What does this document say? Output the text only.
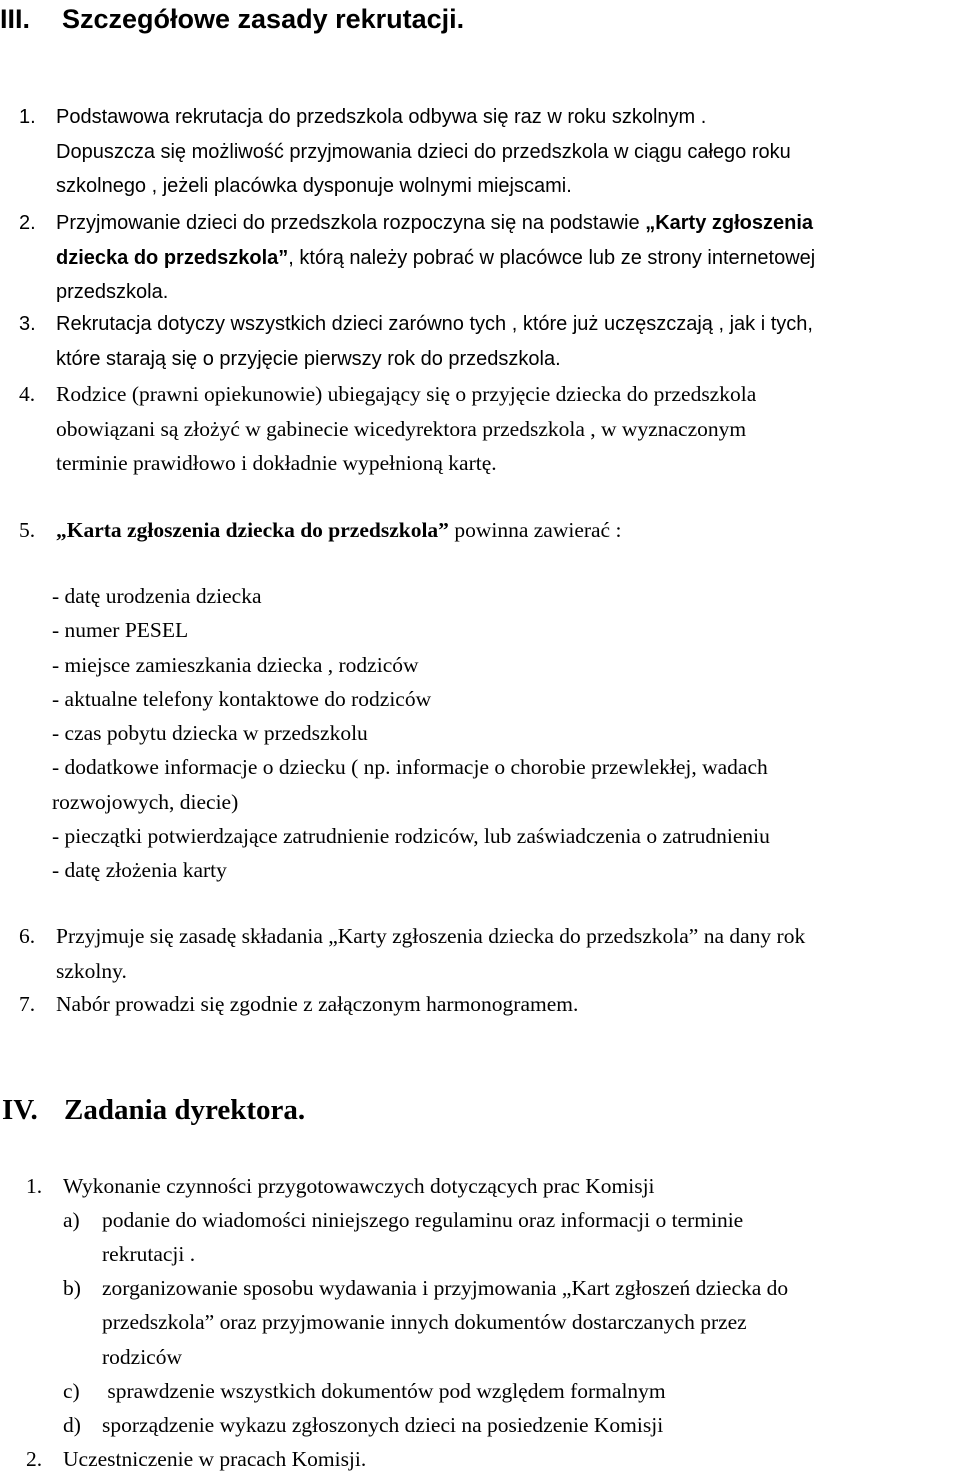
III. Szczegółowe zasady rekrutacji.
1.	Podstawowa rekrutacja do przedszkola odbywa się raz w roku szkolnym .
Dopuszcza się możliwość przyjmowania dzieci do przedszkola w ciągu całego roku
szkolnego , jeżeli placówka dysponuje wolnymi miejscami.
2.	Przyjmowanie dzieci do przedszkola rozpoczyna się na podstawie „Karty zgłoszenia
dziecka do przedszkola”, którą należy pobrać w placówce lub ze strony internetowej
przedszkola.
3.	Rekrutacja dotyczy wszystkich dzieci zarówno tych , które już uczęszczają , jak i tych,
które starają się o przyjęcie pierwszy rok do przedszkola.
4. Rodzice (prawni opiekunowie) ubiegający się o przyjęcie dziecka do przedszkola
obowiązani są złożyć w gabinecie wicedyrektora przedszkola , w wyznaczonym
terminie prawidłowo i dokładnie wypełnioną kartę.
5. „Karta zgłoszenia dziecka do przedszkola” powinna zawierać :
- datę urodzenia dziecka
- numer PESEL
- miejsce zamieszkania dziecka , rodziców
- aktualne telefony kontaktowe do rodziców
- czas pobytu dziecka w przedszkolu
- dodatkowe informacje o dziecku ( np. informacje o chorobie przewlekłej, wadach
rozwojowych, diecie)
- pieczątki potwierdzające zatrudnienie rodziców, lub zaświadczenia o zatrudnieniu
- datę złożenia karty
6. Przyjmuje się zasadę składania „Karty zgłoszenia dziecka do przedszkola” na dany rok
szkolny.
7. Nabór prowadzi się zgodnie z załączonym harmonogramem.
IV. Zadania dyrektora.
1. Wykonanie czynności przygotowawczych dotyczących prac Komisji
a) podanie do wiadomości niniejszego regulaminu oraz informacji o terminie
rekrutacji .
b) zorganizowanie sposobu wydawania i przyjmowania „Kart zgłoszeń dziecka do
przedszkola” oraz przyjmowanie innych dokumentów dostarczanych przez
rodziców
c) sprawdzenie wszystkich dokumentów pod względem formalnym
d) sporządzenie wykazu zgłoszonych dzieci na posiedzenie Komisji
2. Uczestniczenie w pracach Komisji.
